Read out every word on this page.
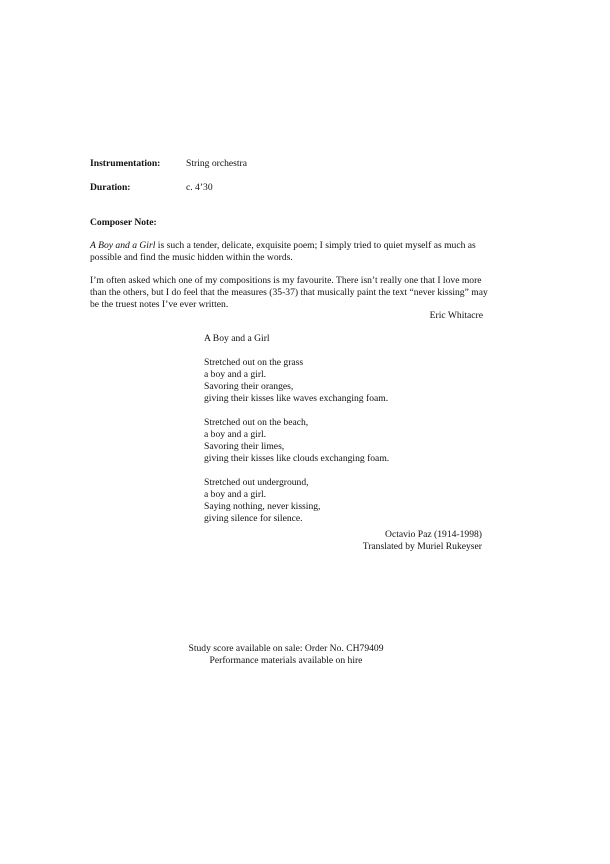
Instrumentation:	String orchestra
Duration:	c. 4’30
Composer Note:

A Boy and a Girl is such a tender, delicate, exquisite poem; I simply tried to quiet myself as much as possible and find the music hidden within the words.

I’m often asked which one of my compositions is my favourite. There isn’t really one that I love more than the others, but I do feel that the measures (35-37) that musically paint the text “never kissing” may be the truest notes I’ve ever written.

Eric Whitacre
A Boy and a Girl
Stretched out on the grass
a boy and a girl.
Savoring their oranges,
giving their kisses like waves exchanging foam.
Stretched out on the beach,
a boy and a girl.
Savoring their limes,
giving their kisses like clouds exchanging foam.
Stretched out underground,
a boy and a girl.
Saying nothing, never kissing,
giving silence for silence.
Octavio Paz (1914-1998)
Translated by Muriel Rukeyser
Study score available on sale: Order No. CH79409
Performance materials available on hire
